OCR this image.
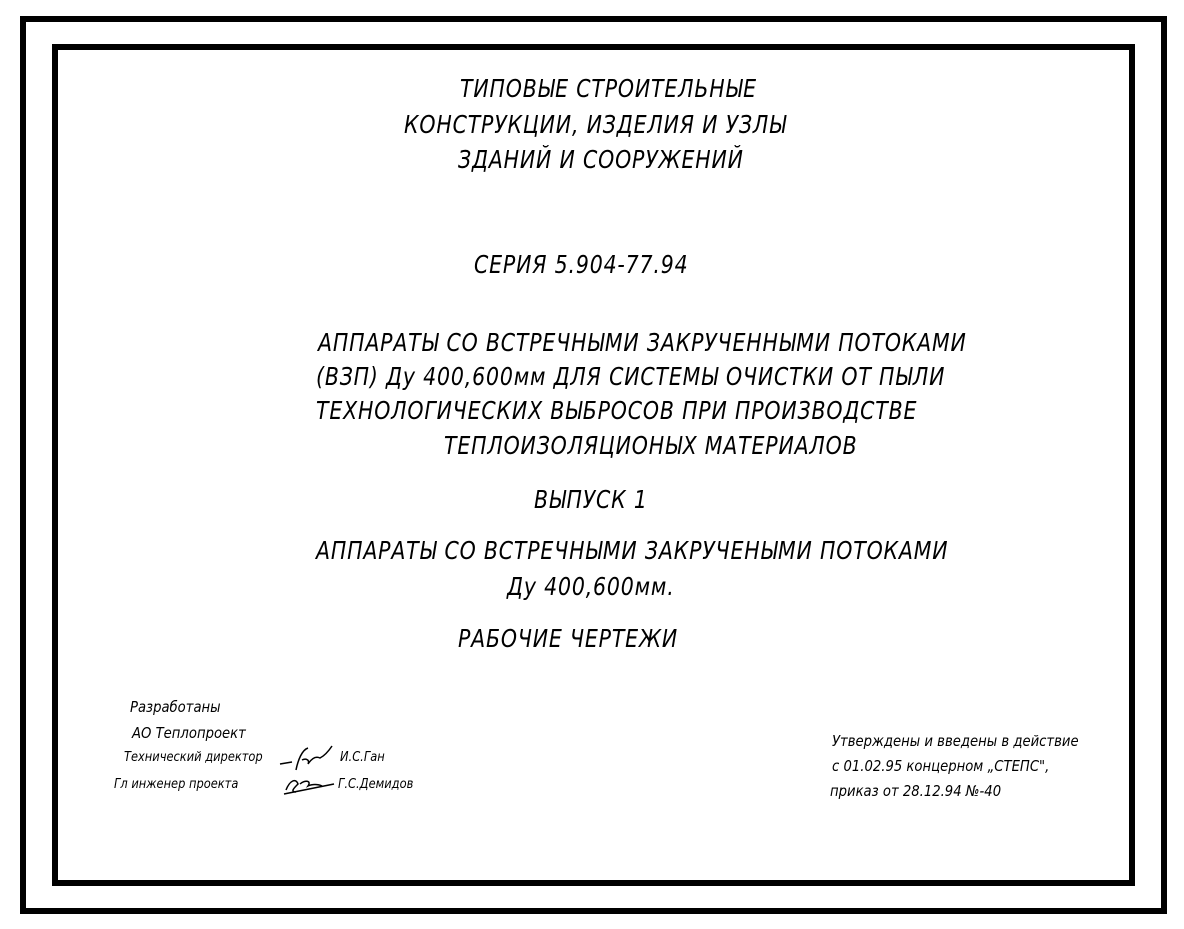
ТИПОВЫЕ СТРОИТЕЛЬНЫЕ
КОНСТРУКЦИИ, ИЗДЕЛИЯ И УЗЛЫ
ЗДАНИЙ И СООРУЖЕНИЙ
СЕРИЯ 5.904-77.94
АППАРАТЫ СО ВСТРЕЧНЫМИ ЗАКРУЧЕННЫМИ ПОТОКАМИ
(ВЗП) Ду 400,600мм ДЛЯ СИСТЕМЫ ОЧИСТКИ ОТ ПЫЛИ
ТЕХНОЛОГИЧЕСКИХ ВЫБРОСОВ ПРИ ПРОИЗВОДСТВЕ
ТЕПЛОИЗОЛЯЦИОНЫХ МАТЕРИАЛОВ
ВЫПУСК 1
АППАРАТЫ СО ВСТРЕЧНЫМИ ЗАКРУЧЕНЫМИ ПОТОКАМИ
Ду 400,600мм.
РАБОЧИЕ ЧЕРТЕЖИ
Разработаны
АО Теплопроект
Технический директор	И.С.Ган
Гл инженер проекта	Г.С.Демидов
Утверждены и введены в действие
с 01.02.95 концерном „СТЕПС",
приказ от 28.12.94 №-40
